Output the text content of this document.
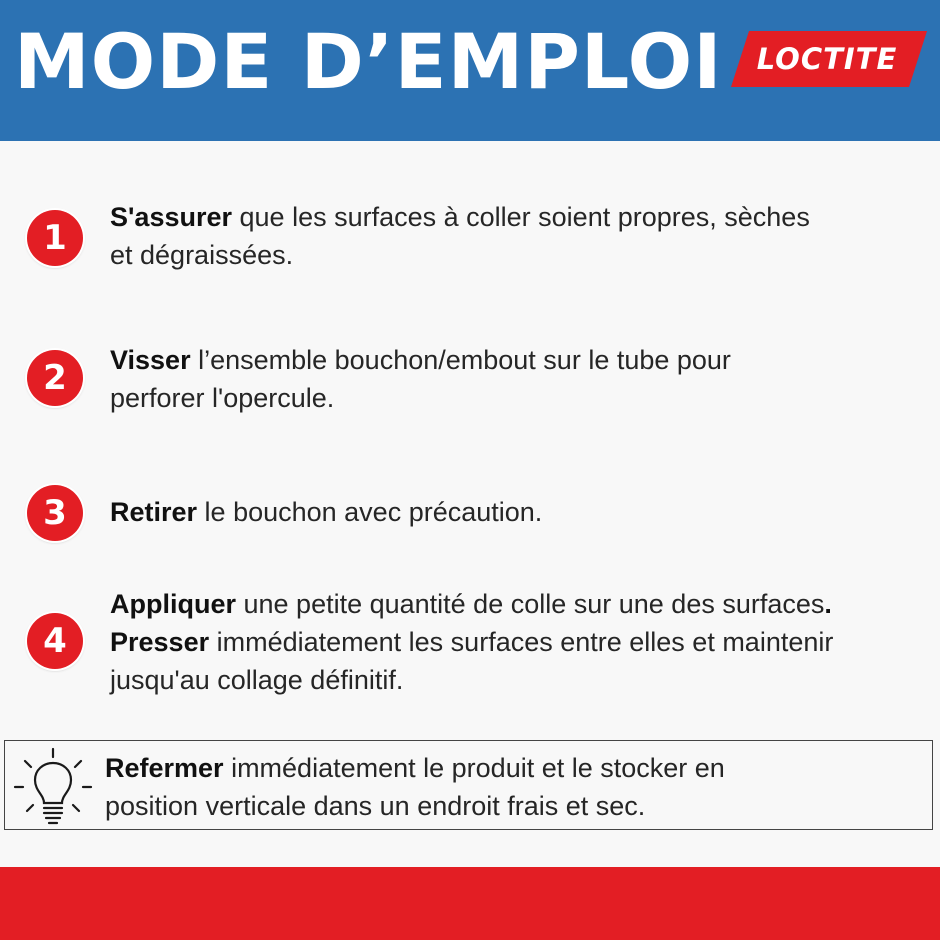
MODE D’EMPLOI LOCTITE
1
S'assurer que les surfaces à coller soient propres, sèches
et dégraissées.
2	Visser l’ensemble bouchon/embout sur le tube pour
perforer l'opercule.
3	Retirer le bouchon avec précaution.
4
Appliquer une petite quantité de colle sur une des surfaces.
Presser immédiatement les surfaces entre elles et maintenir
jusqu'au collage définitif.
Refermer immédiatement le produit et le stocker en
position verticale dans un endroit frais et sec.
